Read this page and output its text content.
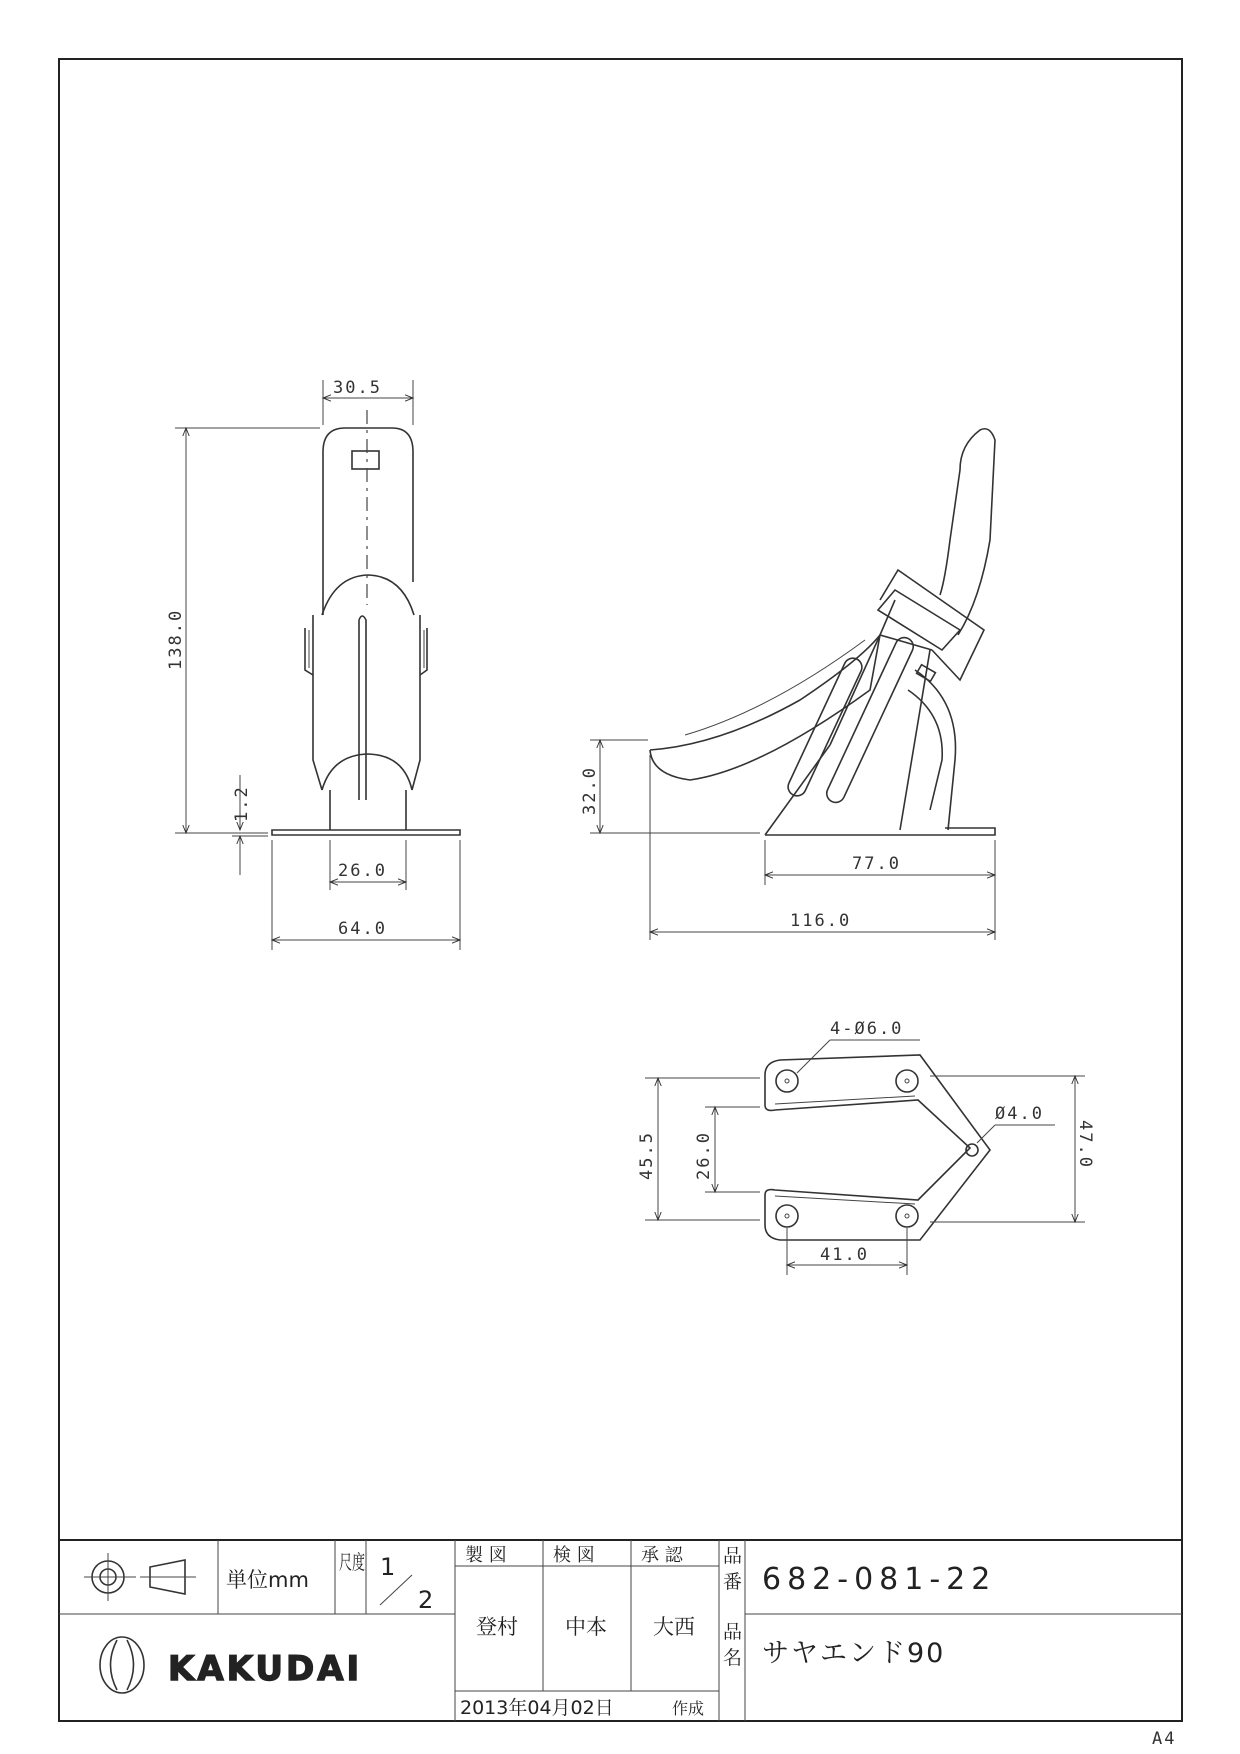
30.5
138.0
1.2
26.0
64.0
32.0
77.0
116.0
4-Ø6.0
Ø4.0
45.5 26.0	47.0
41.0
単位mm
尺度 1
2
製 図	検 図	承 認
登村 中本 大西
2013年04月02日	作成
品
番 682-081-22
品
名 サヤエンド90
KAKUDAI
A4
